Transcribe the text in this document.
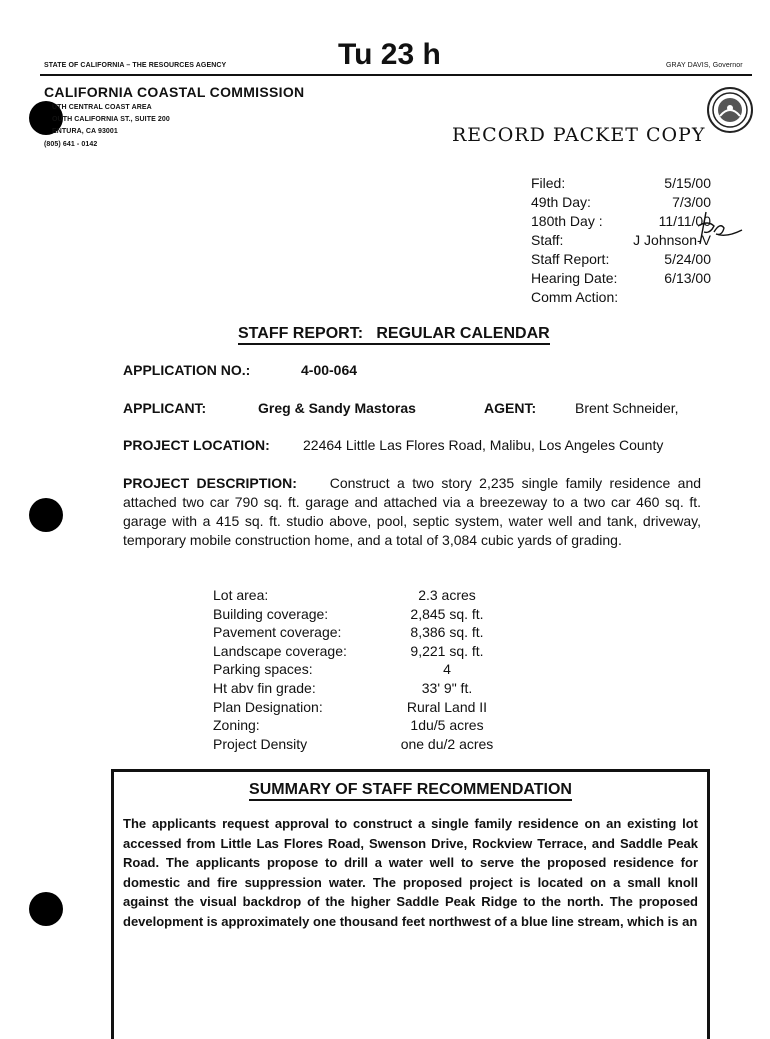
STATE OF CALIFORNIA – THE RESOURCES AGENCY	Tu 23 h	GRAY DAVIS, Governor
CALIFORNIA COASTAL COMMISSION
UTH CENTRAL COAST AREA
OUTH CALIFORNIA ST., SUITE 200
ENTURA, CA 93001
(805) 641 - 0142	RECORD PACKET COPY
Filed:	5/15/00
49th Day:	7/3/00
180th Day :	11/11/00
Staff:	J Johnson-V
Staff Report:	5/24/00
Hearing Date:	6/13/00
Comm Action:
STAFF REPORT:   REGULAR CALENDAR
APPLICATION NO.:	4-00-064
APPLICANT:	Greg & Sandy Mastoras	AGENT:	Brent Schneider,
PROJECT LOCATION: 22464 Little Las Flores Road, Malibu, Los Angeles County
PROJECT DESCRIPTION: Construct a two story 2,235 single family residence and attached two car 790 sq. ft. garage and attached via a breezeway to a two car 460 sq. ft. garage with a 415 sq. ft. studio above, pool, septic system, water well and tank, driveway, temporary mobile construction home, and a total of 3,084 cubic yards of grading.
Lot area:	2.3 acres
Building coverage:	2,845 sq. ft.
Pavement coverage:	8,386 sq. ft.
Landscape coverage:	9,221 sq. ft.
Parking spaces:	4
Ht abv fin grade:	33' 9" ft.
Plan Designation:	Rural Land II
Zoning:	1du/5 acres
Project Density	one du/2 acres
SUMMARY OF STAFF RECOMMENDATION
The applicants request approval to construct a single family residence on an existing lot accessed from Little Las Flores Road, Swenson Drive, Rockview Terrace, and Saddle Peak Road. The applicants propose to drill a water well to serve the proposed residence for domestic and fire suppression water. The proposed project is located on a small knoll against the visual backdrop of the higher Saddle Peak Ridge to the north. The proposed development is approximately one thousand feet northwest of a blue line stream, which is an
